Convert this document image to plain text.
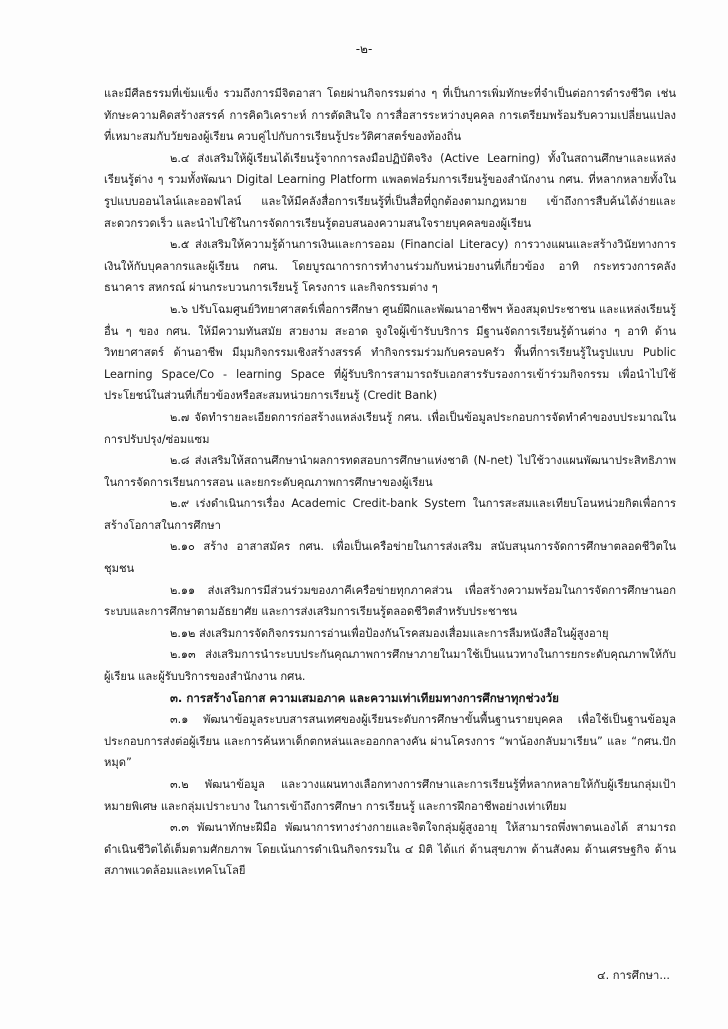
-๒-

และมีศีลธรรมที่เข้มแข็ง รวมถึงการมีจิตอาสา โดยผ่านกิจกรรมต่าง ๆ ที่เป็นการเพิ่มทักษะที่จำเป็นต่อการดำรงชีวิต เช่น ทักษะความคิดสร้างสรรค์ การคิดวิเคราะห์ การตัดสินใจ การสื่อสารระหว่างบุคคล การเตรียมพร้อมรับความเปลี่ยนแปลงที่เหมาะสมกับวัยของผู้เรียน ควบคู่ไปกับการเรียนรู้ประวัติศาสตร์ของท้องถิ่น

๒.๔ ส่งเสริมให้ผู้เรียนได้เรียนรู้จากการลงมือปฏิบัติจริง (Active Learning) ทั้งในสถานศึกษาและแหล่งเรียนรู้ต่าง ๆ รวมทั้งพัฒนา Digital Learning Platform แพลตฟอร์มการเรียนรู้ของสำนักงาน กศน. ที่หลากหลายทั้งในรูปแบบออนไลน์และออฟไลน์ และให้มีคลังสื่อการเรียนรู้ที่เป็นสื่อที่ถูกต้องตามกฎหมาย เข้าถึงการสืบค้นได้ง่ายและสะดวกรวดเร็ว และนำไปใช้ในการจัดการเรียนรู้ตอบสนองความสนใจรายบุคคลของผู้เรียน

๒.๕ ส่งเสริมให้ความรู้ด้านการเงินและการออม (Financial Literacy) การวางแผนและสร้างวินัยทางการเงินให้กับบุคลากรและผู้เรียน กศน. โดยบูรณาการการทำงานร่วมกับหน่วยงานที่เกี่ยวข้อง อาทิ กระทรวงการคลัง ธนาคาร สหกรณ์ ผ่านกระบวนการเรียนรู้ โครงการ และกิจกรรมต่าง ๆ

๒.๖ ปรับโฉมศูนย์วิทยาศาสตร์เพื่อการศึกษา ศูนย์ฝึกและพัฒนาอาชีพฯ ห้องสมุดประชาชน และแหล่งเรียนรู้อื่น ๆ ของ กศน. ให้มีความทันสมัย สวยงาม สะอาด จูงใจผู้เข้ารับบริการ มีฐานจัดการเรียนรู้ด้านต่าง ๆ อาทิ ด้านวิทยาศาสตร์ ด้านอาชีพ มีมุมกิจกรรมเชิงสร้างสรรค์ ทำกิจกรรมร่วมกับครอบครัว พื้นที่การเรียนรู้ในรูปแบบ Public Learning Space/Co - learning Space ที่ผู้รับบริการสามารถรับเอกสารรับรองการเข้าร่วมกิจกรรม เพื่อนำไปใช้ประโยชน์ในส่วนที่เกี่ยวข้องหรือสะสมหน่วยการเรียนรู้ (Credit Bank)

๒.๗ จัดทำรายละเอียดการก่อสร้างแหล่งเรียนรู้ กศน. เพื่อเป็นข้อมูลประกอบการจัดทำคำของบประมาณในการปรับปรุง/ซ่อมแซม

๒.๘ ส่งเสริมให้สถานศึกษานำผลการทดสอบการศึกษาแห่งชาติ (N-net) ไปใช้วางแผนพัฒนาประสิทธิภาพในการจัดการเรียนการสอน และยกระดับคุณภาพการศึกษาของผู้เรียน

๒.๙ เร่งดำเนินการเรื่อง Academic Credit-bank System ในการสะสมและเทียบโอนหน่วยกิตเพื่อการสร้างโอกาสในการศึกษา

๒.๑๐ สร้าง อาสาสมัคร กศน. เพื่อเป็นเครือข่ายในการส่งเสริม สนับสนุนการจัดการศึกษาตลอดชีวิตในชุมชน

๒.๑๑ ส่งเสริมการมีส่วนร่วมของภาคีเครือข่ายทุกภาคส่วน เพื่อสร้างความพร้อมในการจัดการศึกษานอกระบบและการศึกษาตามอัธยาศัย และการส่งเสริมการเรียนรู้ตลอดชีวิตสำหรับประชาชน

๒.๑๒ ส่งเสริมการจัดกิจกรรมการอ่านเพื่อป้องกันโรคสมองเสื่อมและการลืมหนังสือในผู้สูงอายุ

๒.๑๓ ส่งเสริมการนำระบบประกันคุณภาพการศึกษาภายในมาใช้เป็นแนวทางในการยกระดับคุณภาพให้กับผู้เรียน และผู้รับบริการของสำนักงาน กศน.

๓. การสร้างโอกาส ความเสมอภาค และความเท่าเทียมทางการศึกษาทุกช่วงวัย

๓.๑ พัฒนาข้อมูลระบบสารสนเทศของผู้เรียนระดับการศึกษาขั้นพื้นฐานรายบุคคล เพื่อใช้เป็นฐานข้อมูลประกอบการส่งต่อผู้เรียน และการค้นหาเด็กตกหล่นและออกกลางคัน ผ่านโครงการ “พาน้องกลับมาเรียน” และ “กศน.ปักหมุด”

๓.๒ พัฒนาข้อมูล และวางแผนทางเลือกทางการศึกษาและการเรียนรู้ที่หลากหลายให้กับผู้เรียนกลุ่มเป้าหมายพิเศษ และกลุ่มเปราะบาง ในการเข้าถึงการศึกษา การเรียนรู้ และการฝึกอาชีพอย่างเท่าเทียม

๓.๓ พัฒนาทักษะฝีมือ พัฒนาการทางร่างกายและจิตใจกลุ่มผู้สูงอายุ ให้สามารถพึ่งพาตนเองได้ สามารถดำเนินชีวิตได้เต็มตามศักยภาพ โดยเน้นการดำเนินกิจกรรมใน ๔ มิติ ได้แก่ ด้านสุขภาพ ด้านสังคม ด้านเศรษฐกิจ ด้านสภาพแวดล้อมและเทคโนโลยี

๔. การศึกษา...
